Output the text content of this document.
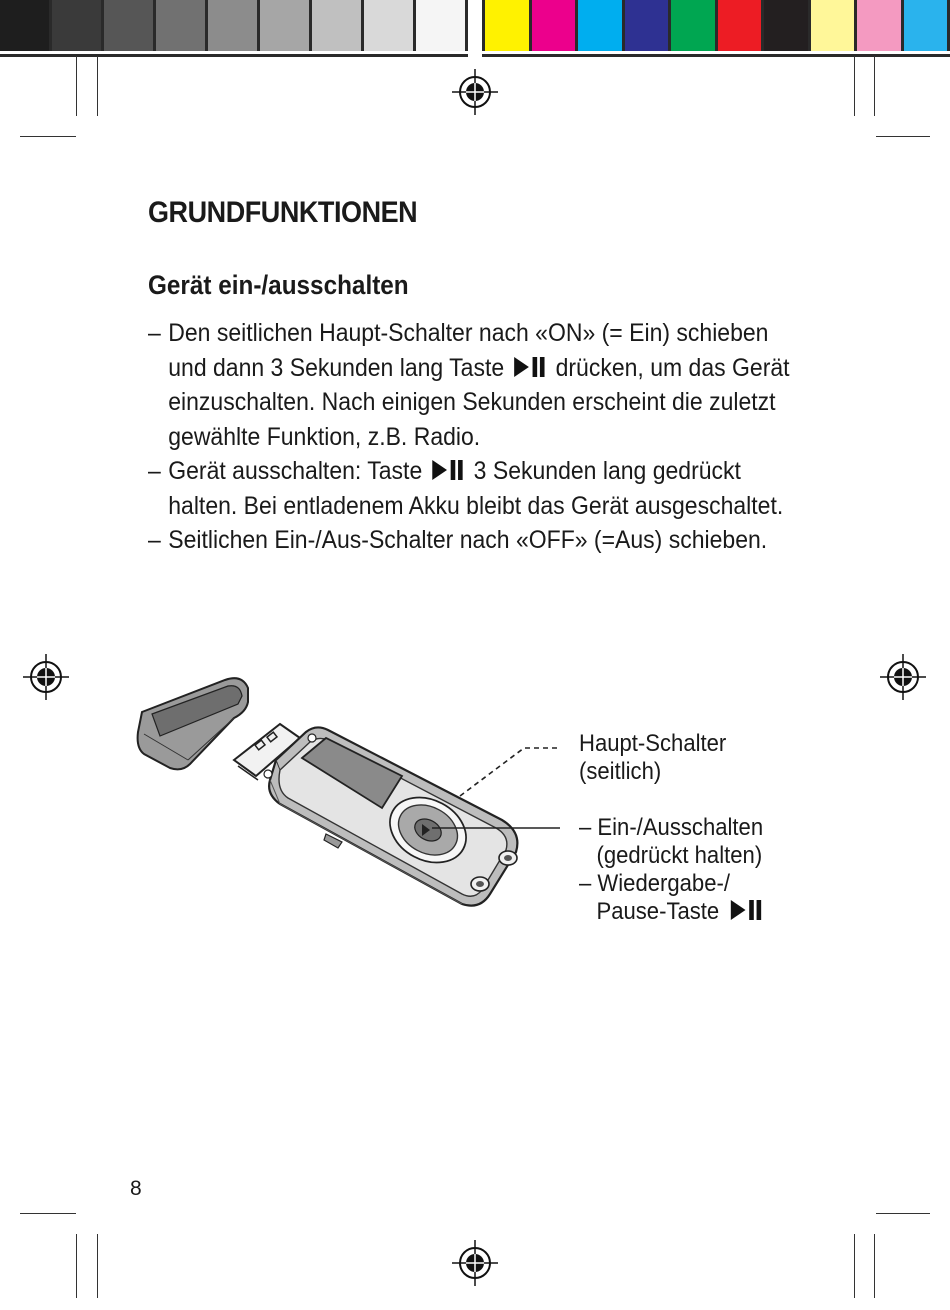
GRUNDFUNKTIONEN
Gerät ein-/ausschalten
– Den seitlichen Haupt-Schalter nach «ON» (= Ein) schieben
und dann 3 Sekunden lang Taste drücken, um das Gerät
einzuschalten. Nach einigen Sekunden erscheint die zuletzt
gewählte Funktion, z.B. Radio.
– Gerät ausschalten: Taste 3 Sekunden lang gedrückt
halten. Bei entladenem Akku bleibt das Gerät ausgeschaltet.
– Seitlichen Ein-/Aus-Schalter nach «OFF» (=Aus) schieben.
Haupt-Schalter
(seitlich)
– Ein-/Ausschalten
(gedrückt halten)
– Wiedergabe-/
Pause-Taste
8
